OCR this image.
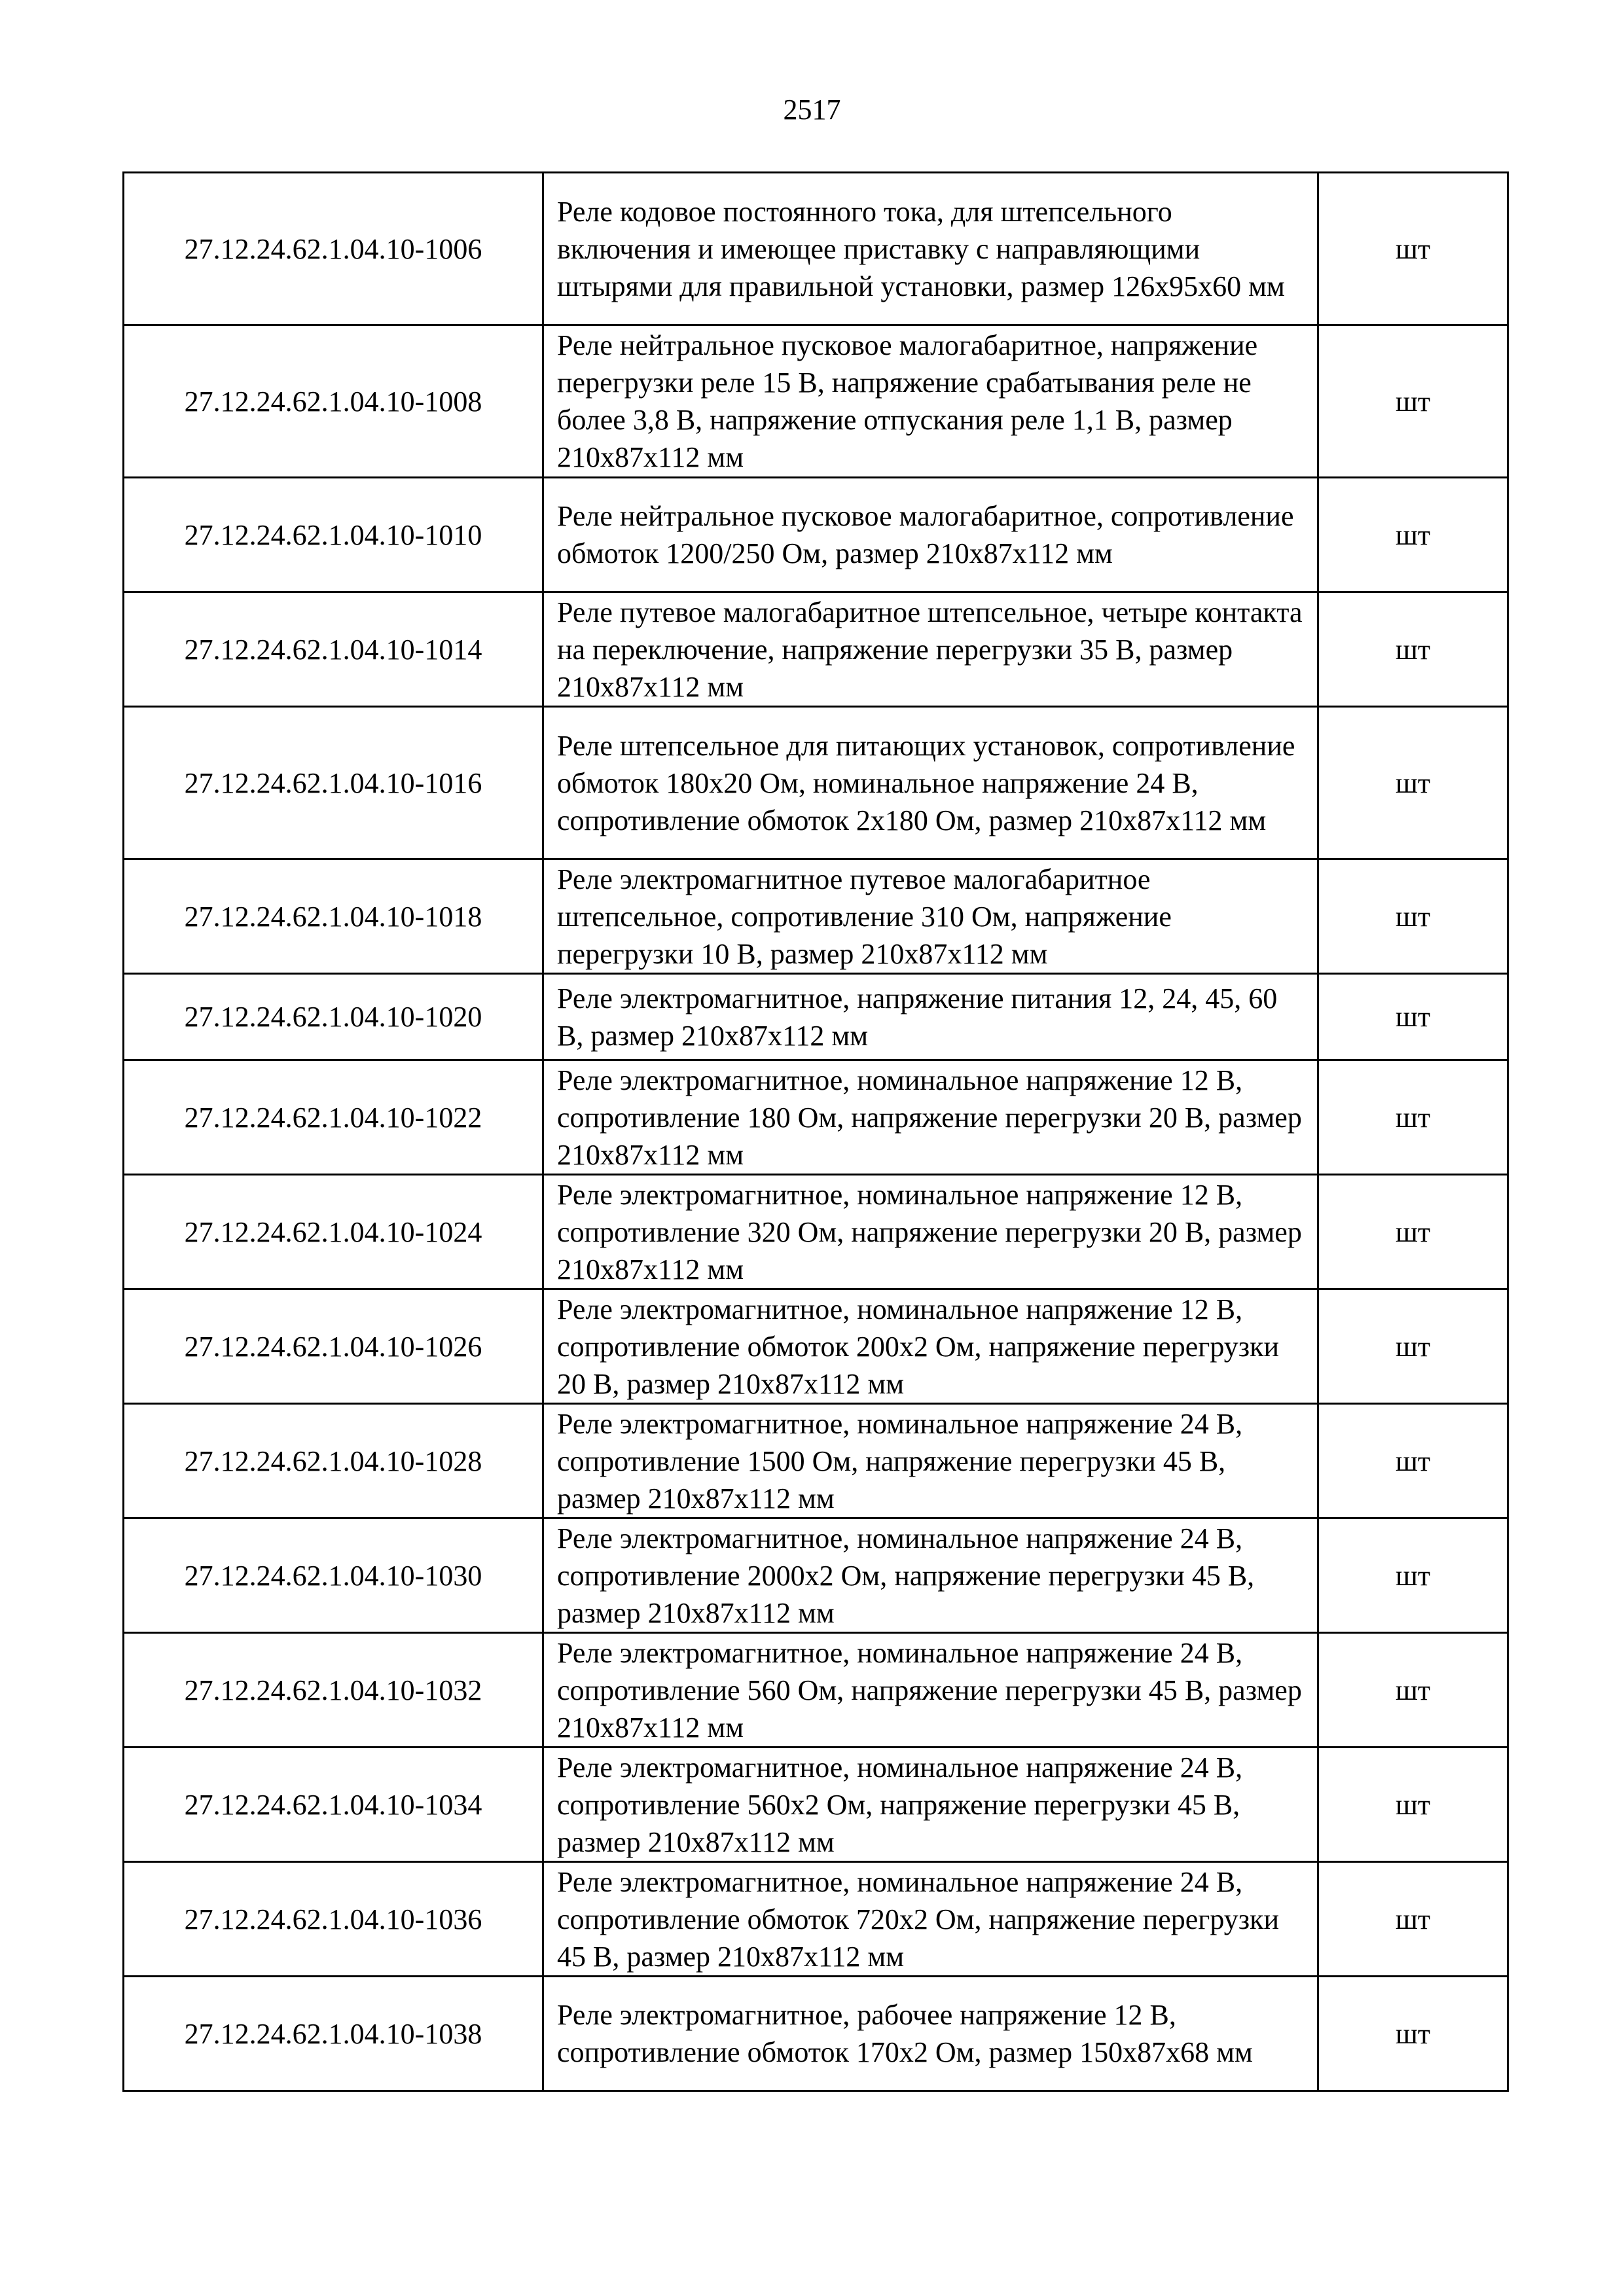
2517
27.12.24.62.1.04.10-1006	Реле кодовое постоянного тока, для штепсельного включения и имеющее приставку с направляющими штырями для правильной установки, размер 126х95х60 мм	шт
27.12.24.62.1.04.10-1008	Реле нейтральное пусковое малогабаритное, напряжение перегрузки реле 15 В, напряжение срабатывания реле не более 3,8 В, напряжение отпускания реле 1,1 В, размер 210х87х112 мм	шт
27.12.24.62.1.04.10-1010	Реле нейтральное пусковое малогабаритное, сопротивление обмоток 1200/250 Ом, размер 210х87х112 мм	шт
27.12.24.62.1.04.10-1014	Реле путевое малогабаритное штепсельное, четыре контакта на переключение, напряжение перегрузки 35 В, размер 210х87х112 мм	шт
27.12.24.62.1.04.10-1016	Реле штепсельное для питающих установок, сопротивление обмоток 180х20 Ом, номинальное напряжение 24 В, сопротивление обмоток 2х180 Ом, размер 210х87х112 мм	шт
27.12.24.62.1.04.10-1018	Реле электромагнитное путевое малогабаритное штепсельное, сопротивление 310 Ом, напряжение перегрузки 10 В, размер 210х87х112 мм	шт
27.12.24.62.1.04.10-1020	Реле электромагнитное, напряжение питания 12, 24, 45, 60 В, размер 210х87х112 мм	шт
27.12.24.62.1.04.10-1022	Реле электромагнитное, номинальное напряжение 12 В, сопротивление 180 Ом, напряжение перегрузки 20 В, размер 210х87х112 мм	шт
27.12.24.62.1.04.10-1024	Реле электромагнитное, номинальное напряжение 12 В, сопротивление 320 Ом, напряжение перегрузки 20 В, размер 210х87х112 мм	шт
27.12.24.62.1.04.10-1026	Реле электромагнитное, номинальное напряжение 12 В, сопротивление обмоток 200х2 Ом, напряжение перегрузки 20 В, размер 210х87х112 мм	шт
27.12.24.62.1.04.10-1028	Реле электромагнитное, номинальное напряжение 24 В, сопротивление 1500 Ом, напряжение перегрузки 45 В, размер 210х87х112 мм	шт
27.12.24.62.1.04.10-1030	Реле электромагнитное, номинальное напряжение 24 В, сопротивление 2000х2 Ом, напряжение перегрузки 45 В, размер 210х87х112 мм	шт
27.12.24.62.1.04.10-1032	Реле электромагнитное, номинальное напряжение 24 В, сопротивление 560 Ом, напряжение перегрузки 45 В, размер 210х87х112 мм	шт
27.12.24.62.1.04.10-1034	Реле электромагнитное, номинальное напряжение 24 В, сопротивление 560х2 Ом, напряжение перегрузки 45 В, размер 210х87х112 мм	шт
27.12.24.62.1.04.10-1036	Реле электромагнитное, номинальное напряжение 24 В, сопротивление обмоток 720х2 Ом, напряжение перегрузки 45 В, размер 210х87х112 мм	шт
27.12.24.62.1.04.10-1038	Реле электромагнитное, рабочее напряжение 12 В, сопротивление обмоток 170х2 Ом, размер 150х87х68 мм	шт
